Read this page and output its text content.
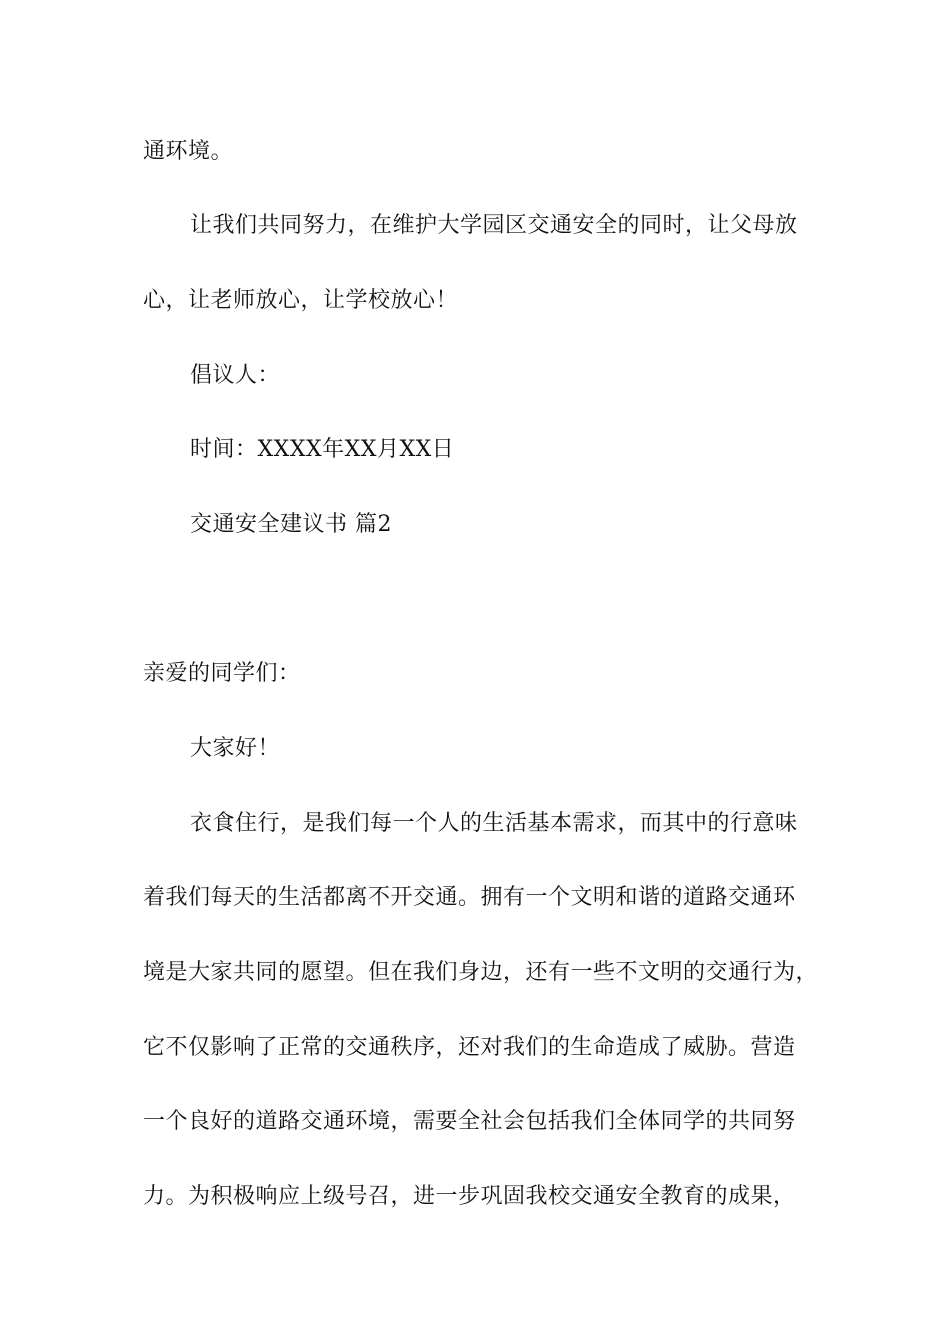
通环境。
让我们共同努力，在维护大学园区交通安全的同时，让父母放
心，让老师放心，让学校放心！
倡议人：
时间：XXXX年XX月XX日
交通安全建议书 篇2
亲爱的同学们：
大家好！
衣食住行，是我们每一个人的生活基本需求，而其中的行意味
着我们每天的生活都离不开交通。拥有一个文明和谐的道路交通环
境是大家共同的愿望。但在我们身边，还有一些不文明的交通行为，
它不仅影响了正常的交通秩序，还对我们的生命造成了威胁。营造
一个良好的道路交通环境，需要全社会包括我们全体同学的共同努
力。为积极响应上级号召，进一步巩固我校交通安全教育的成果，
